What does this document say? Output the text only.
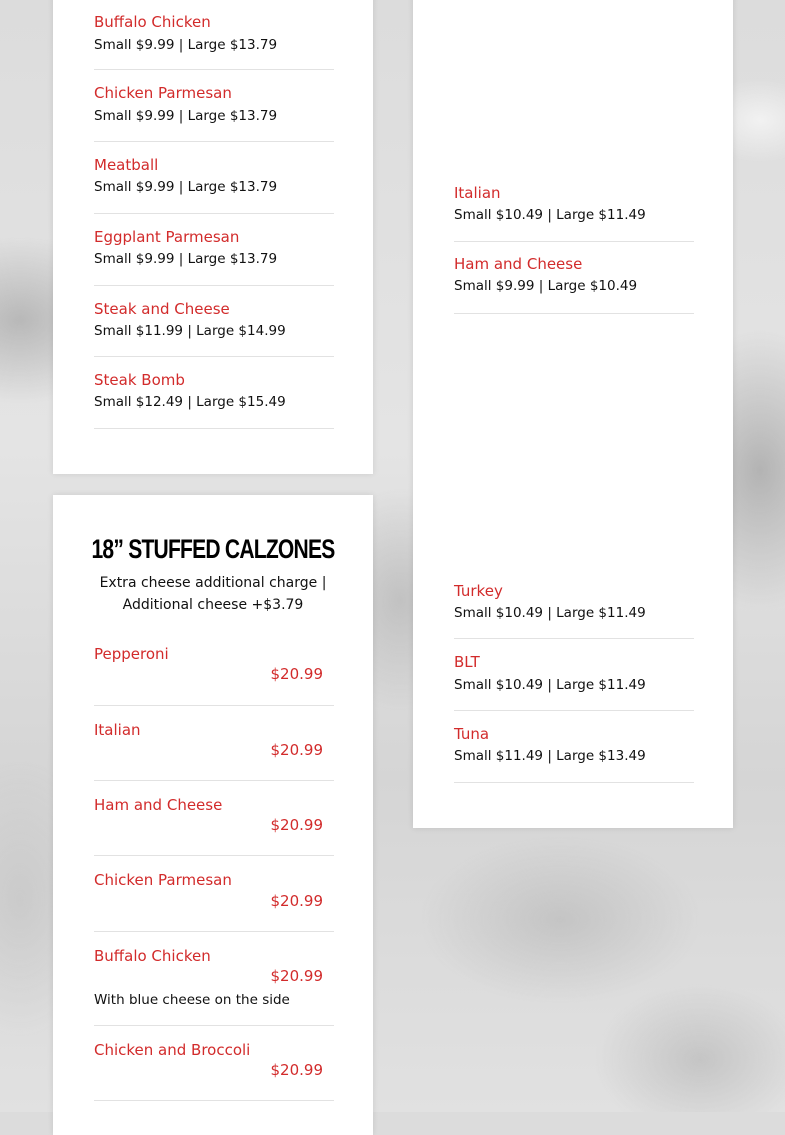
Buffalo Chicken
Small $9.99 | Large $13.79
Chicken Parmesan
Small $9.99 | Large $13.79
Meatball
Small $9.99 | Large $13.79
Eggplant Parmesan
Small $9.99 | Large $13.79
Steak and Cheese
Small $11.99 | Large $14.99
Steak Bomb
Small $12.49 | Large $15.49
18” STUFFED CALZONES
Extra cheese additional charge | Additional cheese +$3.79
Pepperoni
$20.99
Italian
$20.99
Ham and Cheese
$20.99
Chicken Parmesan
$20.99
Buffalo Chicken
$20.99
With blue cheese on the side
Chicken and Broccoli
$20.99
Italian
Small $10.49 | Large $11.49
Ham and Cheese
Small $9.99 | Large $10.49
Turkey
Small $10.49 | Large $11.49
BLT
Small $10.49 | Large $11.49
Tuna
Small $11.49 | Large $13.49
